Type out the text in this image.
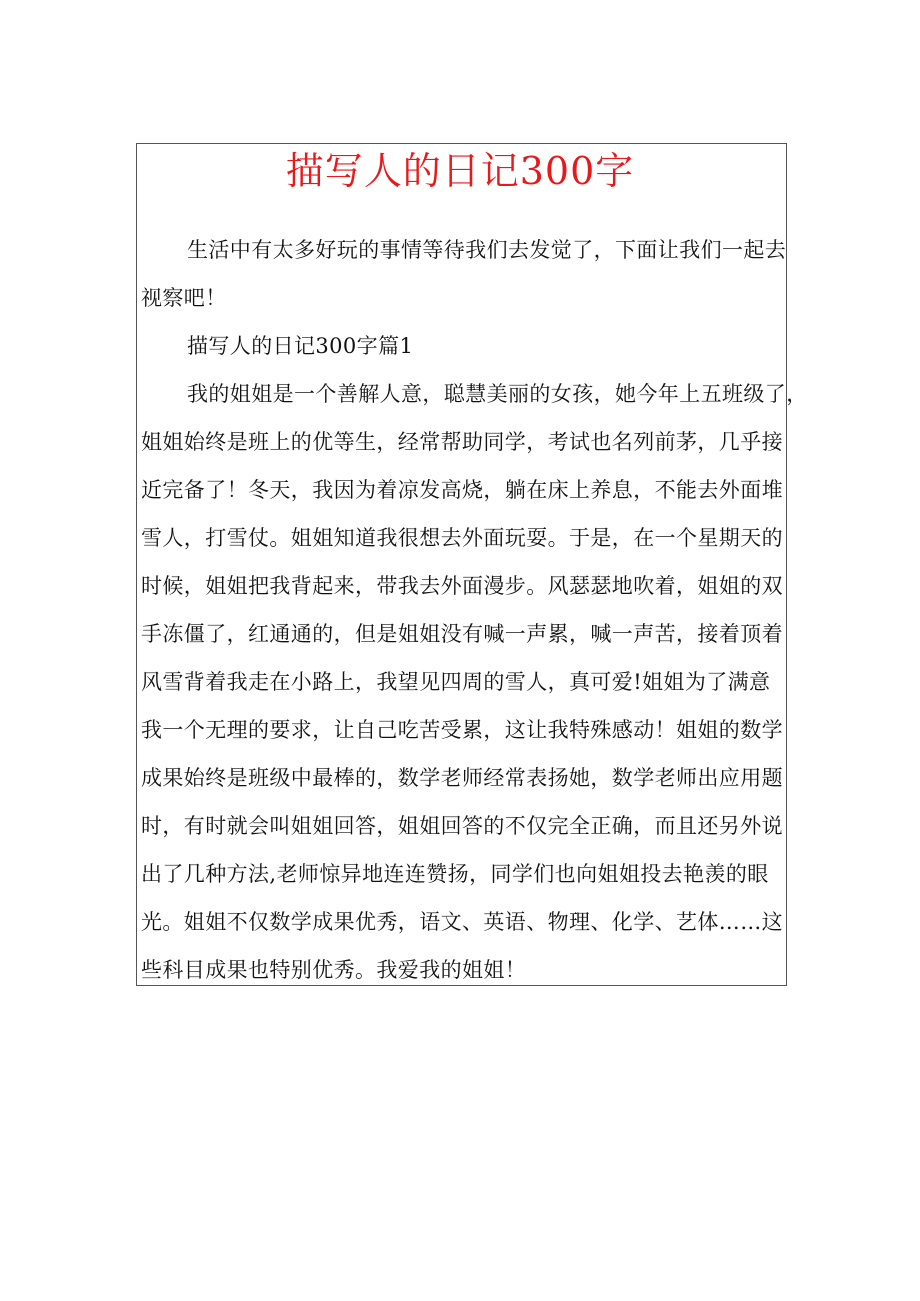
描写人的日记300字
生活中有太多好玩的事情等待我们去发觉了，下面让我们一起去
视察吧！
描写人的日记300字篇1
我的姐姐是一个善解人意，聪慧美丽的女孩，她今年上五班级了，
姐姐始终是班上的优等生，经常帮助同学，考试也名列前茅，几乎接
近完备了！冬天，我因为着凉发高烧，躺在床上养息，不能去外面堆
雪人，打雪仗。姐姐知道我很想去外面玩耍。于是，在一个星期天的
时候，姐姐把我背起来，带我去外面漫步。风瑟瑟地吹着，姐姐的双
手冻僵了，红通通的，但是姐姐没有喊一声累，喊一声苦，接着顶着
风雪背着我走在小路上，我望见四周的雪人，真可爱!姐姐为了满意
我一个无理的要求，让自己吃苦受累，这让我特殊感动！姐姐的数学
成果始终是班级中最棒的，数学老师经常表扬她，数学老师出应用题
时，有时就会叫姐姐回答，姐姐回答的不仅完全正确，而且还另外说
出了几种方法,老师惊异地连连赞扬，同学们也向姐姐投去艳羡的眼
光。姐姐不仅数学成果优秀，语文、英语、物理、化学、艺体……这
些科目成果也特别优秀。我爱我的姐姐！
